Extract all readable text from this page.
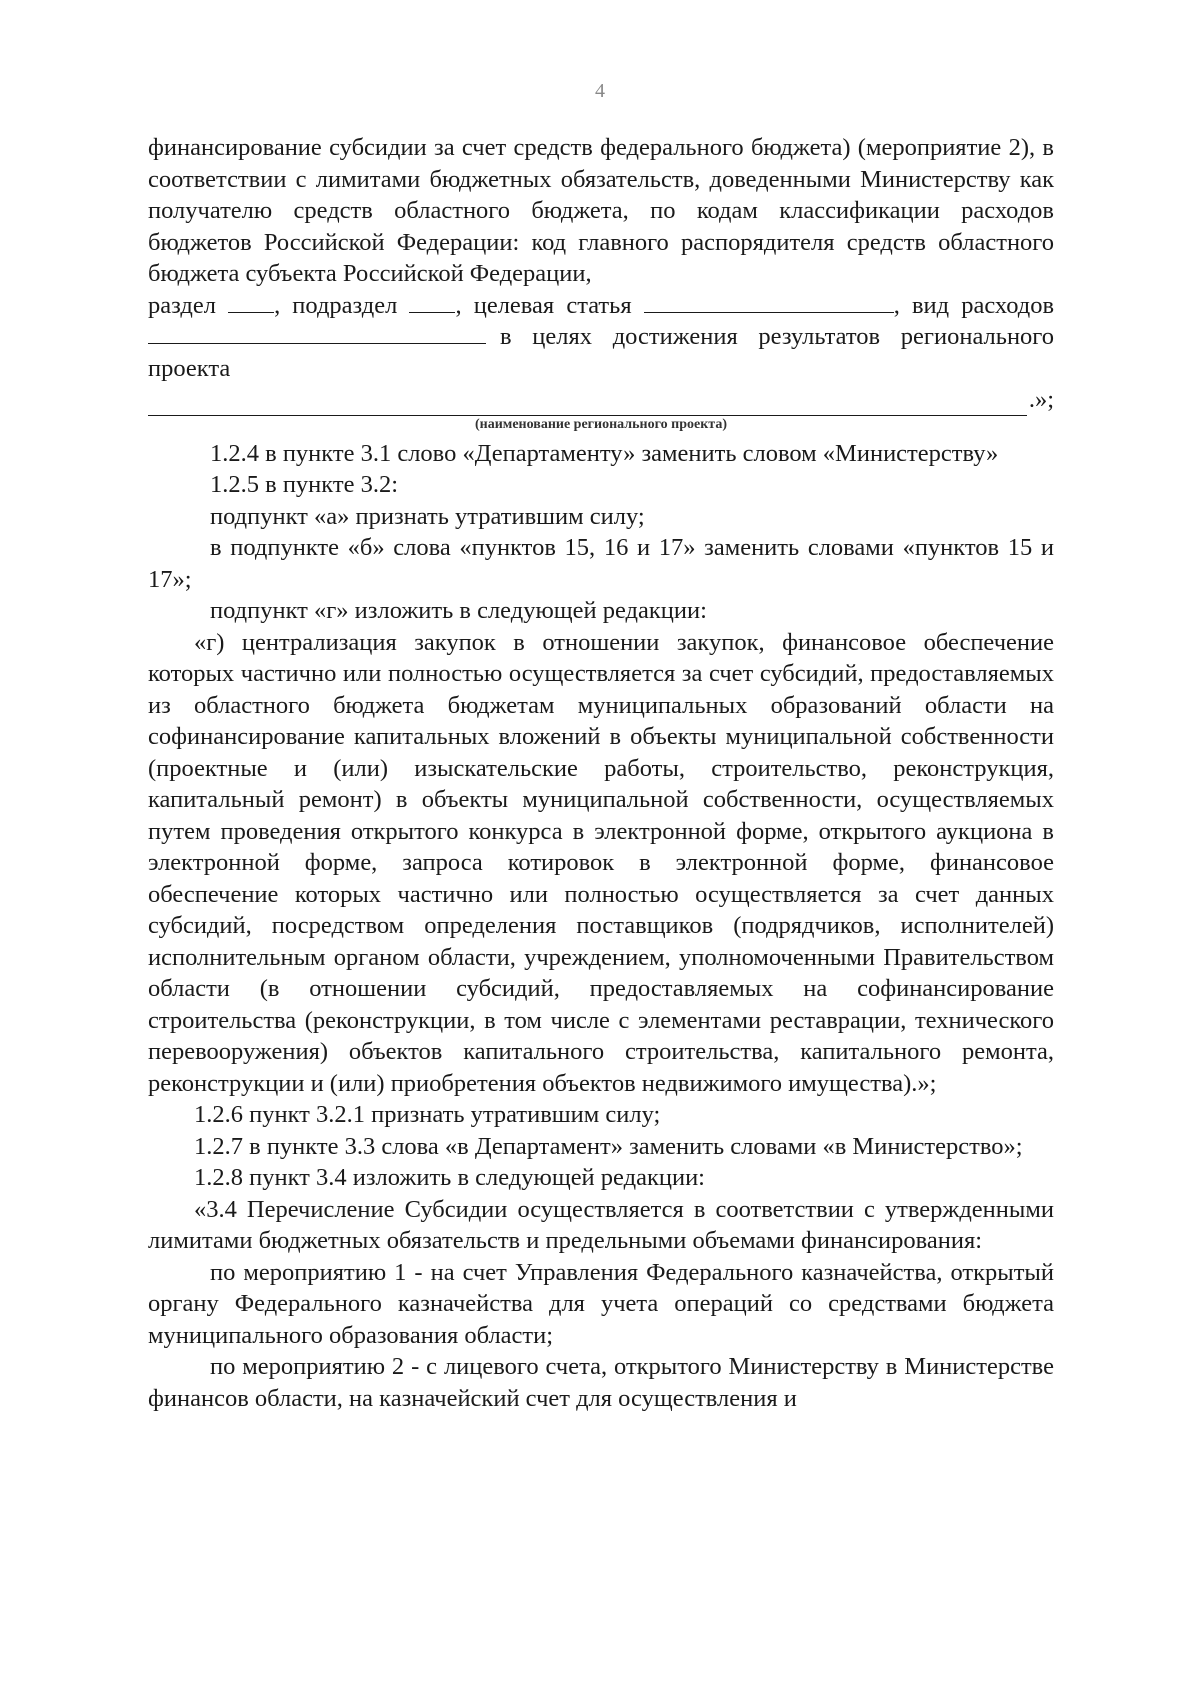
4

финансирование субсидии за счет средств федерального бюджета) (мероприятие 2), в соответствии с лимитами бюджетных обязательств, доведенными Министерству как получателю средств областного бюджета, по кодам классификации расходов бюджетов Российской Федерации: код главного распорядителя средств областного бюджета субъекта Российской Федерации,

раздел , подраздел , целевая статья	, вид расходов

в целях достижения результатов регионального проекта

.»;

(наименование регионального проекта)

1.2.4 в пункте 3.1 слово «Департаменту» заменить словом «Министерству»

1.2.5 в пункте 3.2:

подпункт «а» признать утратившим силу;

в подпункте «б» слова «пунктов 15, 16 и 17» заменить словами «пунктов 15 и 17»;

подпункт «г» изложить в следующей редакции:

«г) централизация закупок в отношении закупок, финансовое обеспечение которых частично или полностью осуществляется за счет субсидий, предоставляемых из областного бюджета бюджетам муниципальных образований области на софинансирование капитальных вложений в объекты муниципальной собственности (проектные и (или) изыскательские работы, строительство, реконструкция, капитальный ремонт) в объекты муниципальной собственности, осуществляемых путем проведения открытого конкурса в электронной форме, открытого аукциона в электронной форме, запроса котировок в электронной форме, финансовое обеспечение которых частично или полностью осуществляется за счет данных субсидий, посредством определения поставщиков (подрядчиков, исполнителей) исполнительным органом области, учреждением, уполномоченными Правительством области (в отношении субсидий, предоставляемых на софинансирование строительства (реконструкции, в том числе с элементами реставрации, технического перевооружения) объектов капитального строительства, капитального ремонта, реконструкции и (или) приобретения объектов недвижимого имущества).»;

1.2.6 пункт 3.2.1 признать утратившим силу;

1.2.7 в пункте 3.3 слова «в Департамент» заменить словами «в Министерство»;

1.2.8 пункт 3.4 изложить в следующей редакции:

«3.4 Перечисление Субсидии осуществляется в соответствии с утвержденными лимитами бюджетных обязательств и предельными объемами финансирования:

по мероприятию 1 - на счет Управления Федерального казначейства, открытый органу Федерального казначейства для учета операций со средствами бюджета муниципального образования области;

по мероприятию 2 - с лицевого счета, открытого Министерству в Министерстве финансов области, на казначейский счет для осуществления и
